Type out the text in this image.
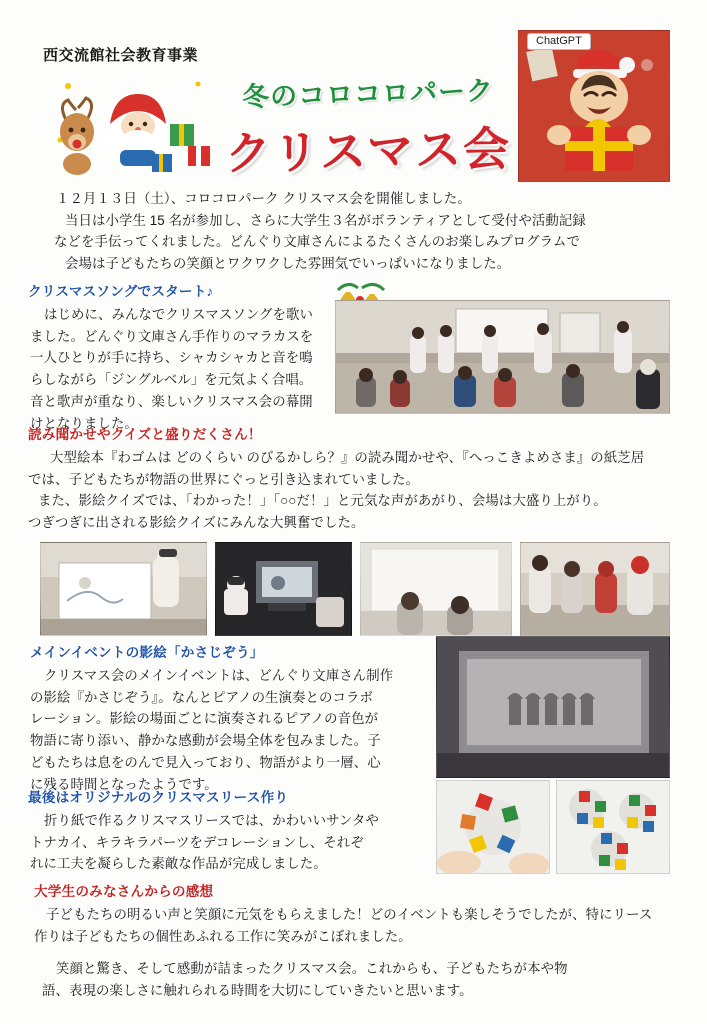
西交流館社会教育事業
冬のコロコロパーク
クリスマス会
ChatGPT
１２月１３日（土）、コロコロパーク クリスマス会を開催しました。
当日は小学生 15 名が参加し、さらに大学生３名がボランティアとして受付や活動記録
などを手伝ってくれました。どんぐり文庫さんによるたくさんのお楽しみプログラムで
会場は子どもたちの笑顔とワクワクした雰囲気でいっぱいになりました。
クリスマスソングでスタート♪
はじめに、みんなでクリスマスソングを歌い
ました。どんぐり文庫さん手作りのマラカスを
一人ひとりが手に持ち、シャカシャカと音を鳴
らしながら「ジングルベル」を元気よく合唱。
音と歌声が重なり、楽しいクリスマス会の幕開
けとなりました。
読み聞かせやクイズと盛りだくさん！
大型絵本『わゴムは どのくらい のびるかしら？』の読み聞かせや、『へっこきよめさま』の紙芝居
では、子どもたちが物語の世界にぐっと引き込まれていました。
また、影絵クイズでは、「わかった！」「○○だ！」と元気な声があがり、会場は大盛り上がり。
つぎつぎに出される影絵クイズにみんな大興奮でした。
メインイベントの影絵「かさじぞう」
クリスマス会のメインイベントは、どんぐり文庫さん制作
の影絵『かさじぞう』。なんとピアノの生演奏とのコラボ
レーション。影絵の場面ごとに演奏されるピアノの音色が
物語に寄り添い、静かな感動が会場全体を包みました。子
どもたちは息をのんで見入っており、物語がより一層、心
に残る時間となったようです。
最後はオリジナルのクリスマスリース作り
折り紙で作るクリスマスリースでは、かわいいサンタや
トナカイ、キラキラパーツをデコレーションし、それぞ
れに工夫を凝らした素敵な作品が完成しました。
大学生のみなさんからの感想
子どもたちの明るい声と笑顔に元気をもらえました！どのイベントも楽しそうでしたが、特にリース
作りは子どもたちの個性あふれる工作に笑みがこぼれました。
笑顔と驚き、そして感動が詰まったクリスマス会。これからも、子どもたちが本や物
語、表現の楽しさに触れられる時間を大切にしていきたいと思います。
